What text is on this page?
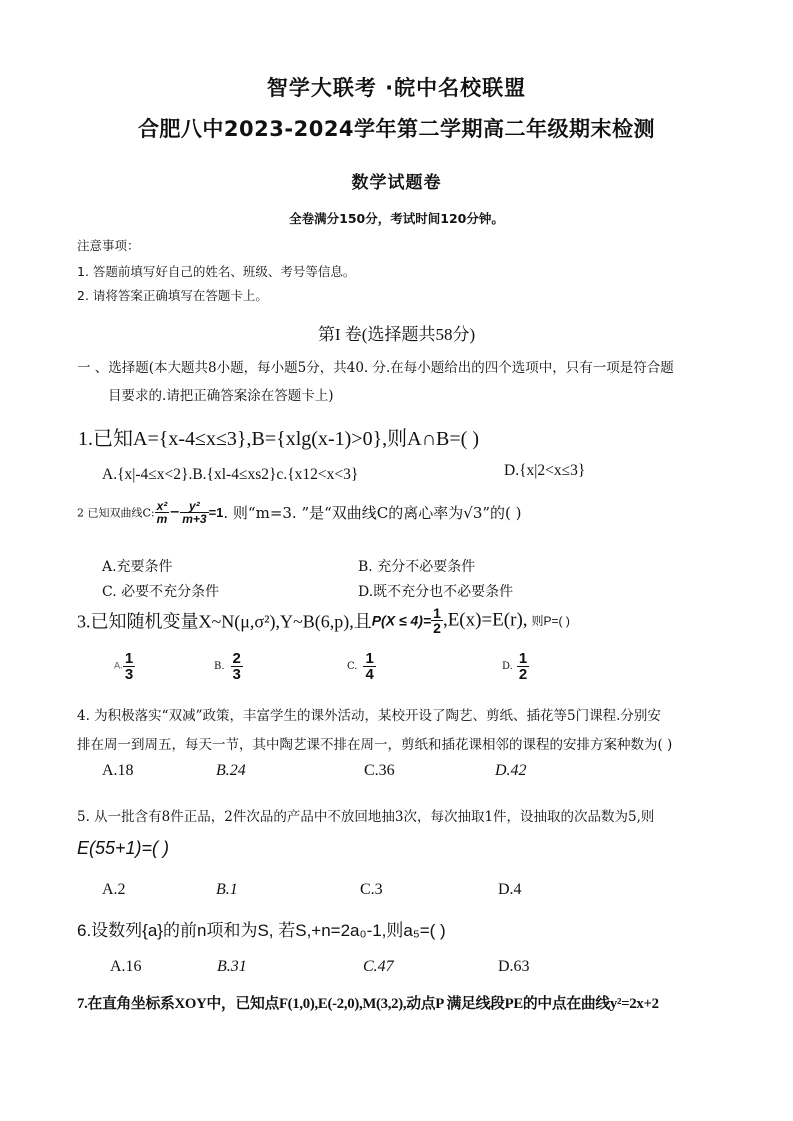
智学大联考 ·皖中名校联盟
合肥八中2023-2024学年第二学期高二年级期末检测
数学试题卷
全卷满分150分，考试时间120分钟。
注意事项：
1. 答题前填写好自己的姓名、班级、考号等信息。
2. 请将答案正确填写在答题卡上。
第I 卷(选择题共58分)
一 、选择题(本大题共8小题，每小题5分，共40. 分.在每小题给出的四个选项中，只有一项是符合题
目要求的.请把正确答案涂在答题卡上)
1.已知A={x-4≤x≤3},B={xlg(x-1)>0},则A∩B=( )
A.{x|-4≤x<2}.B.{xl-4≤xs2}c.{x12<x<3}	D.{x|2<x≤3}
2 已知双曲线C: $\frac{\text{x²}}{m} - \frac{\text{y²}}{m+3} =1$. 则“m=3. ”是“双曲线C的离心率为√3”的( )
A.充要条件	B. 充分不必要条件
C. 必要不充分条件	D.既不充分也不必要条件
3.已知随机变量X~N(μ,σ²),Y~B(6,p),且$P(X \le 4)= \frac{1}{2} ,E(x)=E(r)$, 则P=( )
A. $\frac{1}{3}$	B. $\frac{2}{3}$	C. $\frac{1}{4}$	D. $\frac{1}{2}$
4. 为积极落实“双减”政策，丰富学生的课外活动，某校开设了陶艺、剪纸、插花等5门课程.分别安
排在周一到周五，每天一节，其中陶艺课不排在周一，剪纸和插花课相邻的课程的安排方案种数为( )
A.18	B.24	C.36	D.42
5. 从一批含有8件正品，2件次品的产品中不放回地抽3次，每次抽取1件，设抽取的次品数为5,则
E(55+1)=( )
A.2	B.1	C.3	D.4
6.设数列{a}的前n项和为S, 若S,+n=2a₀-1,则a₅=( )
A.16	B.31	C.47	D.63
7.在直角坐标系XOY中，已知点F(1,0),E(-2,0),M(3,2),动点P 满足线段PE的中点在曲线y²=2x+2
